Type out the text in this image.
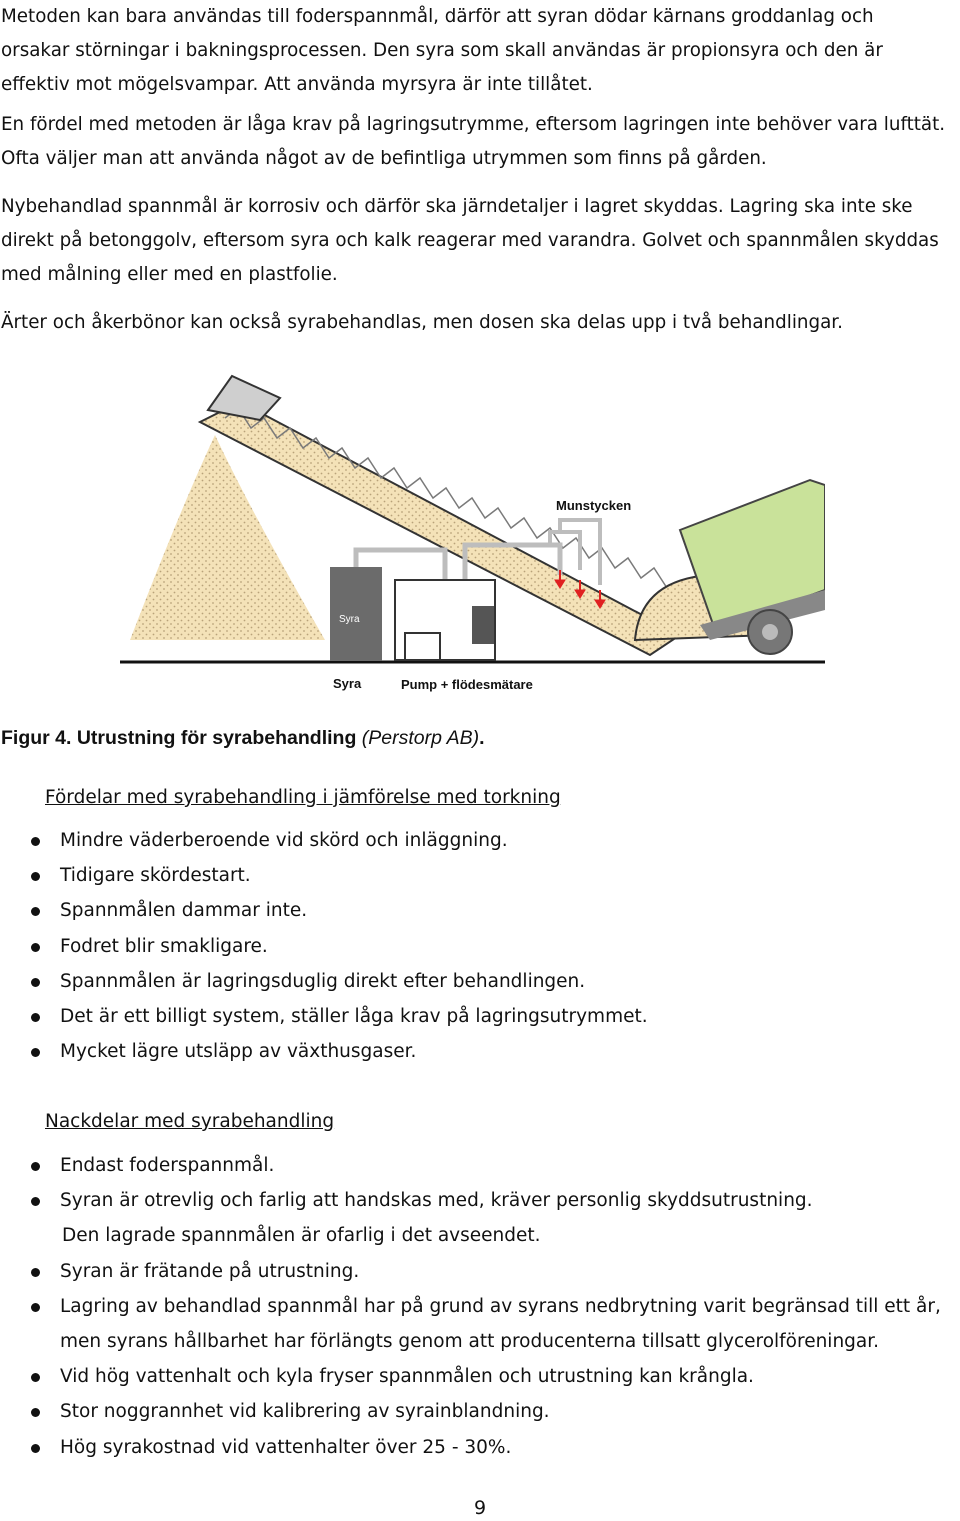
Metoden kan bara användas till foderspannmål, därför att syran dödar kärnans groddanlag och orsakar störningar i bakningsprocessen. Den syra som skall användas är propionsyra och den är effektiv mot mögelsvampar. Att använda myrsyra är inte tillåtet.

En fördel med metoden är låga krav på lagringsutrymme, eftersom lagringen inte behöver vara lufttät. Ofta väljer man att använda något av de befintliga utrymmen som finns på gården.

Nybehandlad spannmål är korrosiv och därför ska järndetaljer i lagret skyddas. Lagring ska inte ske direkt på betonggolv, eftersom syra och kalk reagerar med varandra. Golvet och spannmålen skyddas med målning eller med en plastfolie.

Ärter och åkerbönor kan också syrabehandlas, men dosen ska delas upp i två behandlingar.

Syra
Munstycken
Syra	Pump + flödesmätare

Figur 4. Utrustning för syrabehandling (Perstorp AB).

Fördelar med syrabehandling i jämförelse med torkning

Mindre väderberoende vid skörd och inläggning.
Tidigare skördestart.
Spannmålen dammar inte.
Fodret blir smakligare.
Spannmålen är lagringsduglig direkt efter behandlingen.
Det är ett billigt system, ställer låga krav på lagringsutrymmet.
Mycket lägre utsläpp av växthusgaser.

Nackdelar med syrabehandling

Endast foderspannmål.
Syran är otrevlig och farlig att handskas med, kräver personlig skyddsutrustning.
Den lagrade spannmålen är ofarlig i det avseendet.
Syran är frätande på utrustning.
Lagring av behandlad spannmål har på grund av syrans nedbrytning varit begränsad till ett år, men syrans hållbarhet har förlängts genom att producenterna tillsatt glycerolföreningar.
Vid hög vattenhalt och kyla fryser spannmålen och utrustning kan krångla.
Stor noggrannhet vid kalibrering av syrainblandning.
Hög syrakostnad vid vattenhalter över 25 - 30%.
9
